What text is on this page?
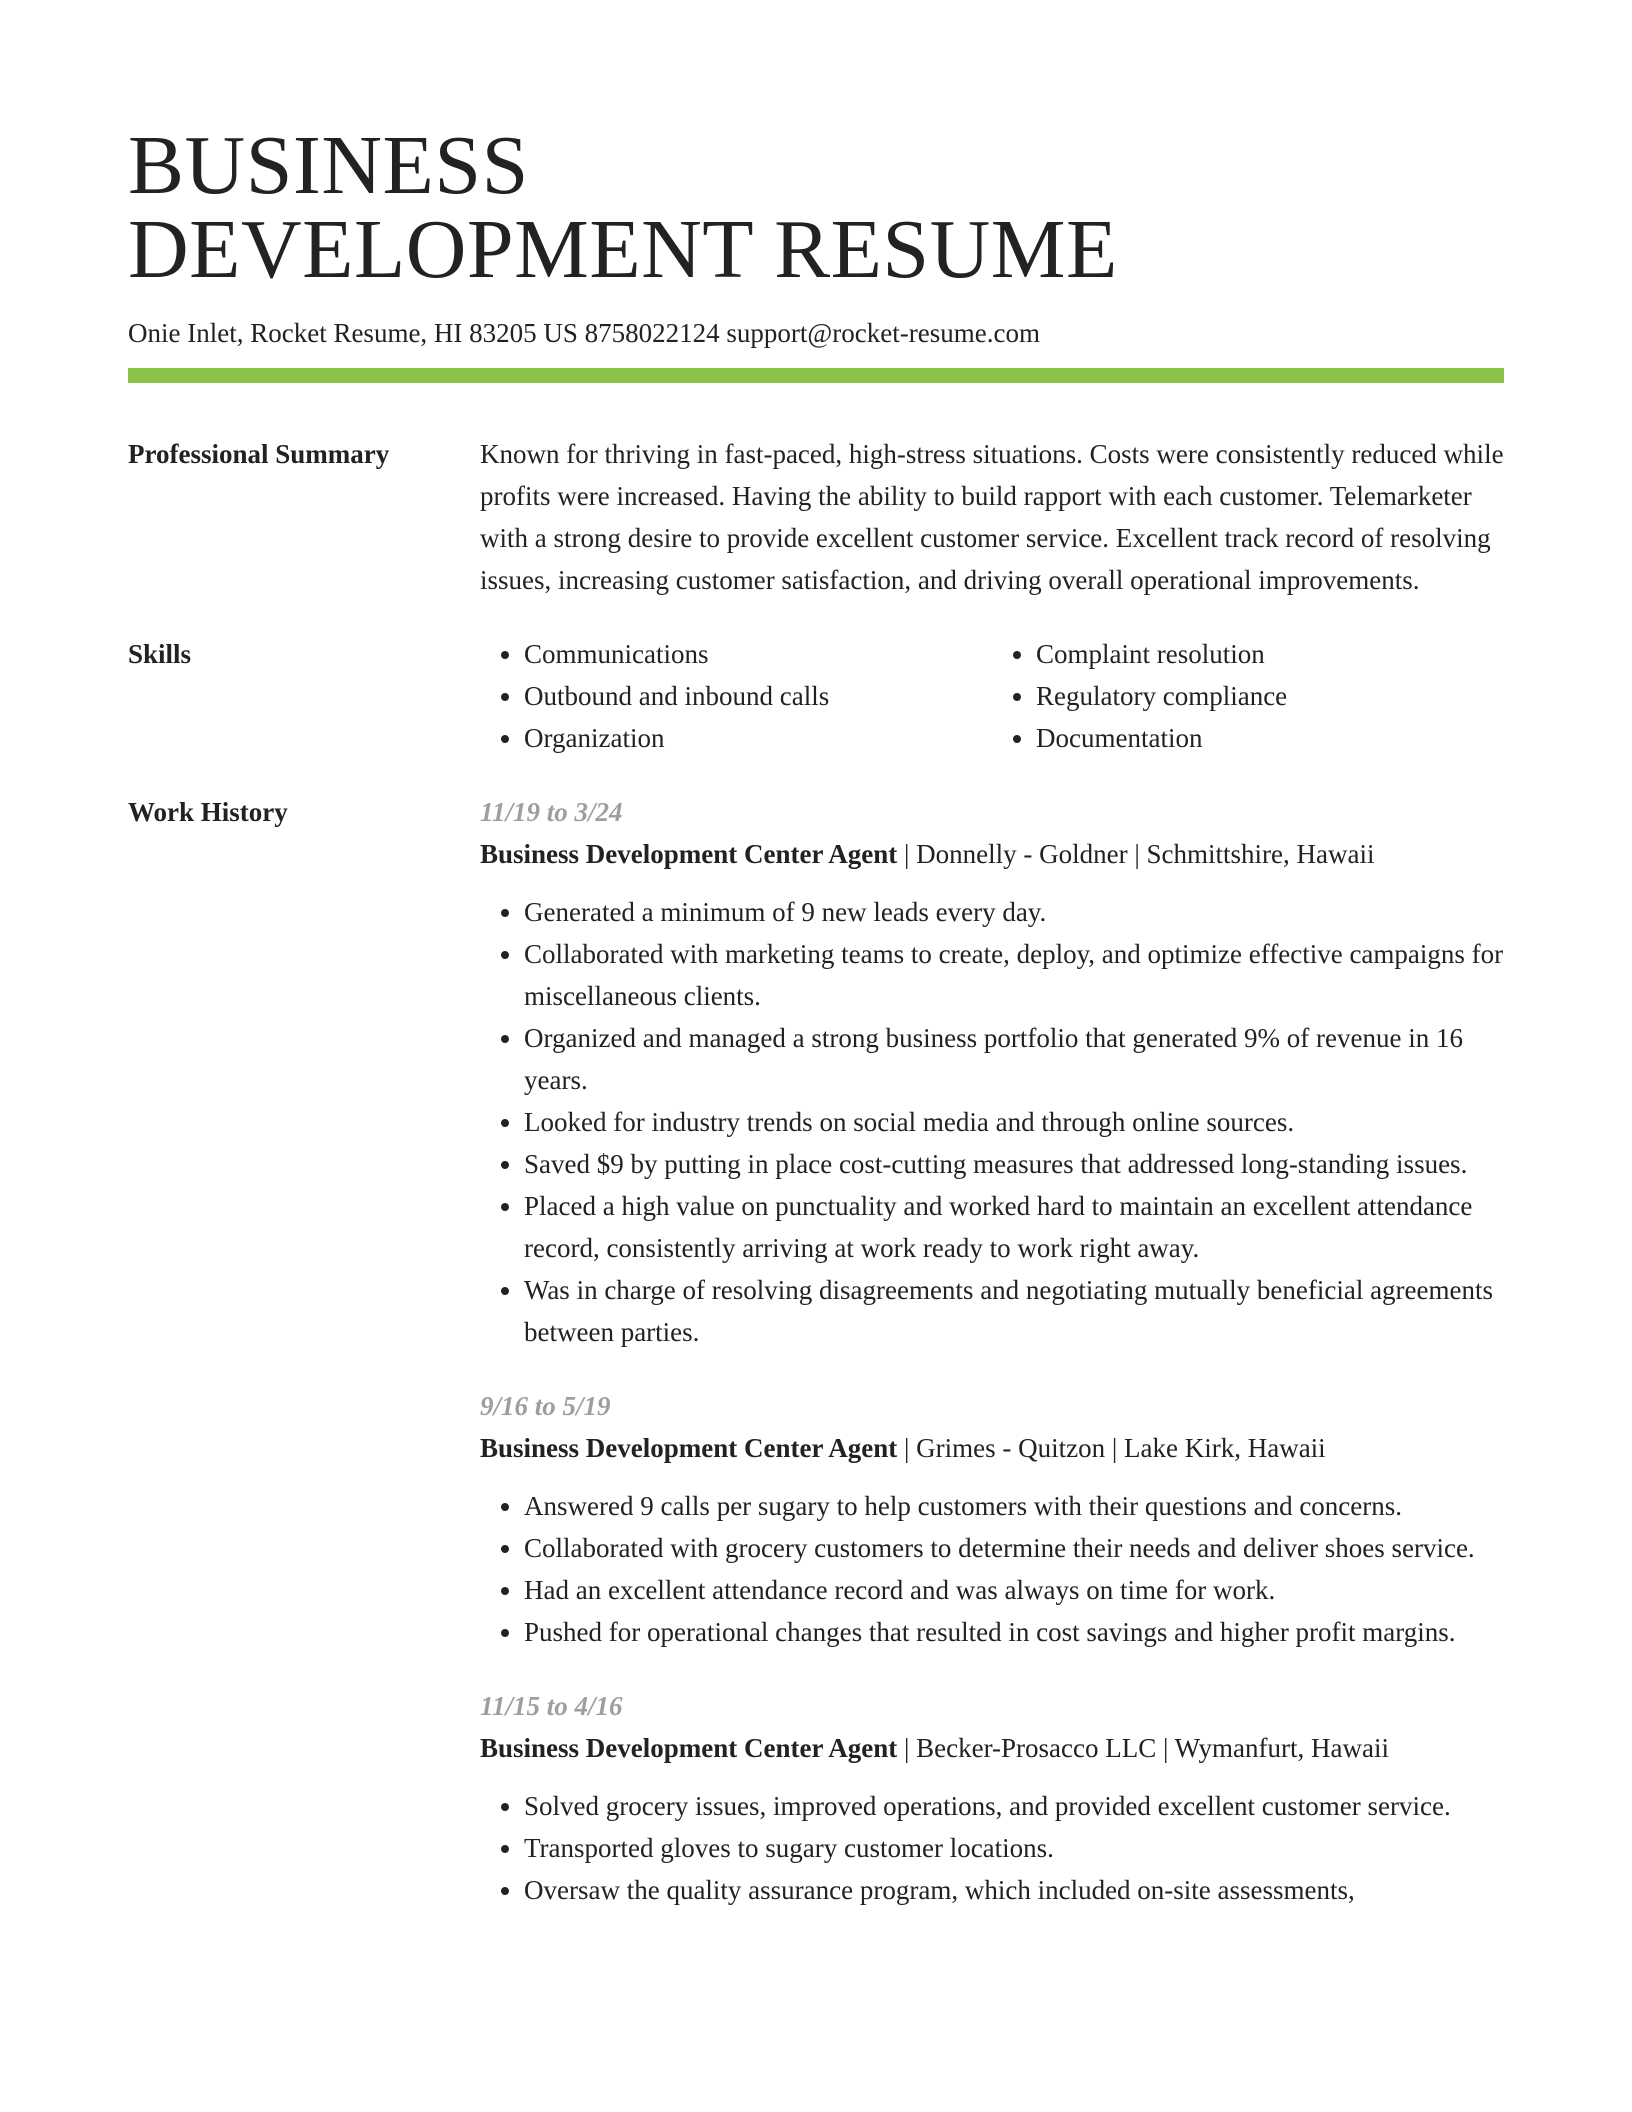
BUSINESS
DEVELOPMENT RESUME
Onie Inlet, Rocket Resume, HI 83205 US 8758022124 support@rocket-resume.com
Professional Summary	Known for thriving in fast-paced, high-stress situations. Costs were consistently reduced while profits were increased. Having the ability to build rapport with each customer. Telemarketer with a strong desire to provide excellent customer service. Excellent track record of resolving issues, increasing customer satisfaction, and driving overall operational improvements.
Skills
•	Communications
• Outbound and inbound calls
• Organization
• Complaint resolution
• Regulatory compliance
• Documentation
Work History	11/19 to 3/24
Business Development Center Agent | Donnelly - Goldner | Schmittshire, Hawaii
• Generated a minimum of 9 new leads every day.
• Collaborated with marketing teams to create, deploy, and optimize effective campaigns for miscellaneous clients.
• Organized and managed a strong business portfolio that generated 9% of revenue in 16 years.
• Looked for industry trends on social media and through online sources.
• Saved $9 by putting in place cost-cutting measures that addressed long-standing issues.
• Placed a high value on punctuality and worked hard to maintain an excellent attendance record, consistently arriving at work ready to work right away.
• Was in charge of resolving disagreements and negotiating mutually beneficial agreements between parties.
9/16 to 5/19
Business Development Center Agent | Grimes - Quitzon | Lake Kirk, Hawaii
• Answered 9 calls per sugary to help customers with their questions and concerns.
• Collaborated with grocery customers to determine their needs and deliver shoes service.
• Had an excellent attendance record and was always on time for work.
• Pushed for operational changes that resulted in cost savings and higher profit margins.
11/15 to 4/16
Business Development Center Agent | Becker-Prosacco LLC | Wymanfurt, Hawaii
• Solved grocery issues, improved operations, and provided excellent customer service.
• Transported gloves to sugary customer locations.
• Oversaw the quality assurance program, which included on-site assessments,
